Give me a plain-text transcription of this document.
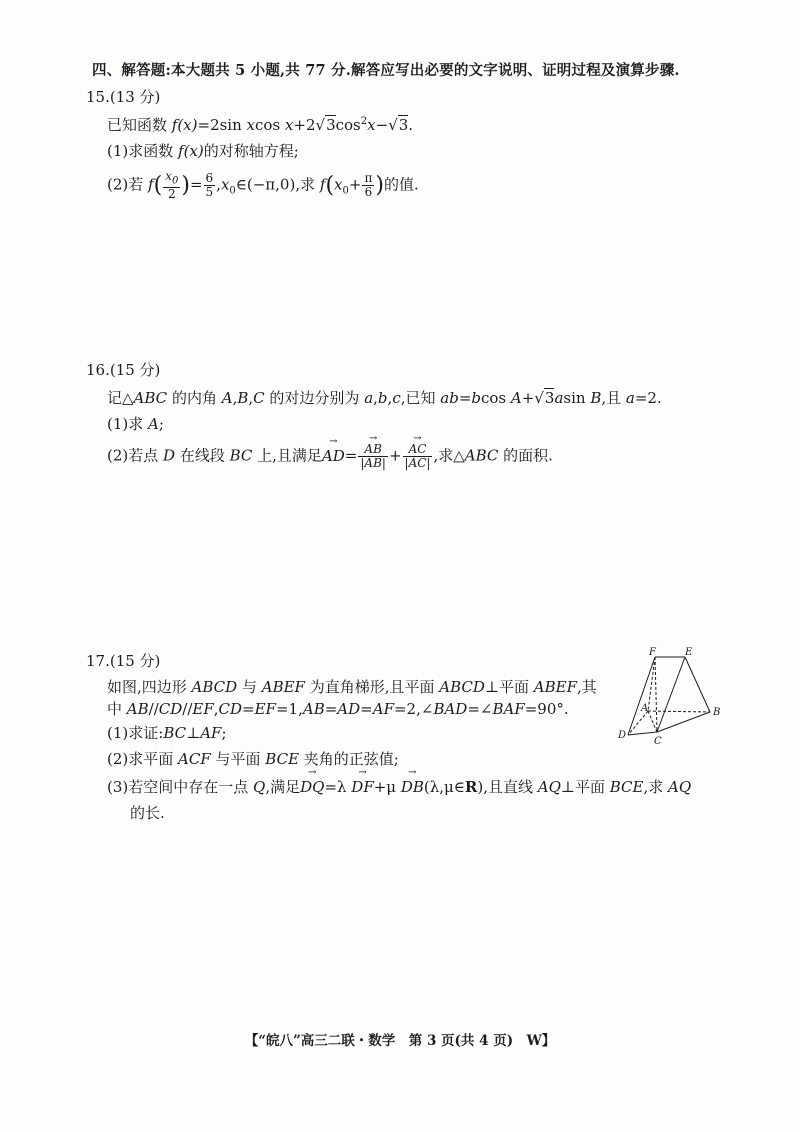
四、解答题:本大题共 5 小题,共 77 分.解答应写出必要的文字说明、证明过程及演算步骤.
15.(13 分)
已知函数 f(x)=2sin xcos $x+2√3\cos^2x-√3$.
(1)求函数 f(x)的对称轴方程;
(2)若 $f( \frac{x_0}{2}$ )= $\frac{6}{5}$ $,x_0\in(-\pi,0)$,求 $f(x_0+ \frac{\pi}{6}$ )的值.
16.(15 分)
记△ABC 的内角 A,B,C 的对边分别为 a,b,c,已知 ab=bcos A+√3asin B,且 a=2.
(1)求 A;
(2)若点 D 在线段 BC 上,且满足→ AD=
→ $\frac{AB}{|AB|}$ +
→ $\frac{AC}{|AC|}$ ,求△ABC 的面积.
17.(15 分)
如图,四边形 ABCD 与 ABEF 为直角梯形,且平面 ABCD⊥平面 ABEF,其
中 AB//CD//EF,CD=EF=1,AB=AD=AF=2,∠BAD=∠BAF=90°.
(1)求证:BC⊥AF;
(2)求平面 ACF 与平面 BCE 夹角的正弦值;
(3)若空间中存在一点 Q,满足→ DQ=λ → DF+μ → DB(λ,μ∈R),且直线 AQ⊥平面 BCE,求 AQ
的长.
F	E
A	B
D
C
【“皖八”高三二联・数学　第 3 页(共 4 页)　W】
